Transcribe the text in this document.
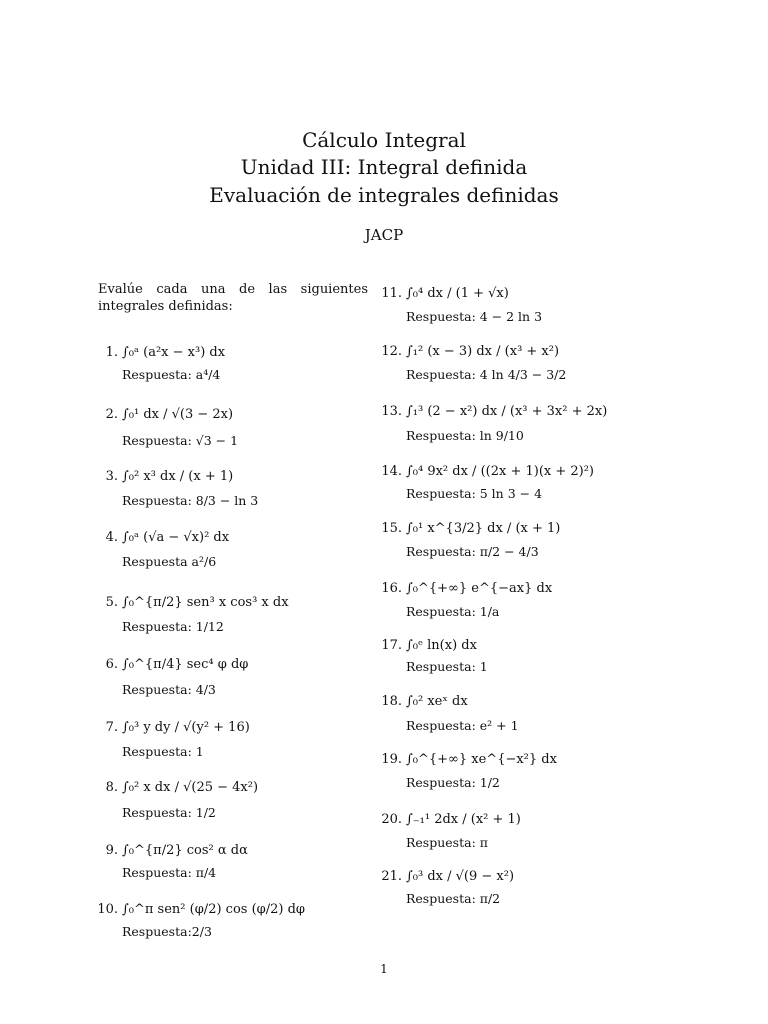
Cálculo Integral
Unidad III: Integral definida
Evaluación de integrales definidas
JACP
Evalúe cada una de las siguientes integrales definidas:
1. ∫₀ᵃ (a²x − x³) dx
Respuesta: a⁴/4
2. ∫₀¹ dx / √(3 − 2x)
Respuesta: √3 − 1
3. ∫₀² x³ dx / (x + 1)
Respuesta: 8/3 − ln 3
4. ∫₀ᵃ (√a − √x)² dx
Respuesta a²/6
5. ∫₀^{π/2} sen³ x cos³ x dx
Respuesta: 1/12
6. ∫₀^{π/4} sec⁴ φ dφ
Respuesta: 4/3
7. ∫₀³ y dy / √(y² + 16)
Respuesta: 1
8. ∫₀² x dx / √(25 − 4x²)
Respuesta: 1/2
9. ∫₀^{π/2} cos² α dα
Respuesta: π/4
10. ∫₀^π sen² (φ/2) cos (φ/2) dφ
Respuesta:2/3
11. ∫₀⁴ dx / (1 + √x)
Respuesta: 4 − 2 ln 3
12. ∫₁² (x − 3) dx / (x³ + x²)
Respuesta: 4 ln 4/3 − 3/2
13. ∫₁³ (2 − x²) dx / (x³ + 3x² + 2x)
Respuesta: ln 9/10
14. ∫₀⁴ 9x² dx / ((2x + 1)(x + 2)²)
Respuesta: 5 ln 3 − 4
15. ∫₀¹ x^{3/2} dx / (x + 1)
Respuesta: π/2 − 4/3
16. ∫₀^{+∞} e^{−ax} dx
Respuesta: 1/a
17. ∫₀ᵉ ln(x) dx
Respuesta: 1
18. ∫₀² xeˣ dx
Respuesta: e² + 1
19. ∫₀^{+∞} xe^{−x²} dx
Respuesta: 1/2
20. ∫₋₁¹ 2dx / (x² + 1)
Respuesta: π
21. ∫₀³ dx / √(9 − x²)
Respuesta: π/2
1
